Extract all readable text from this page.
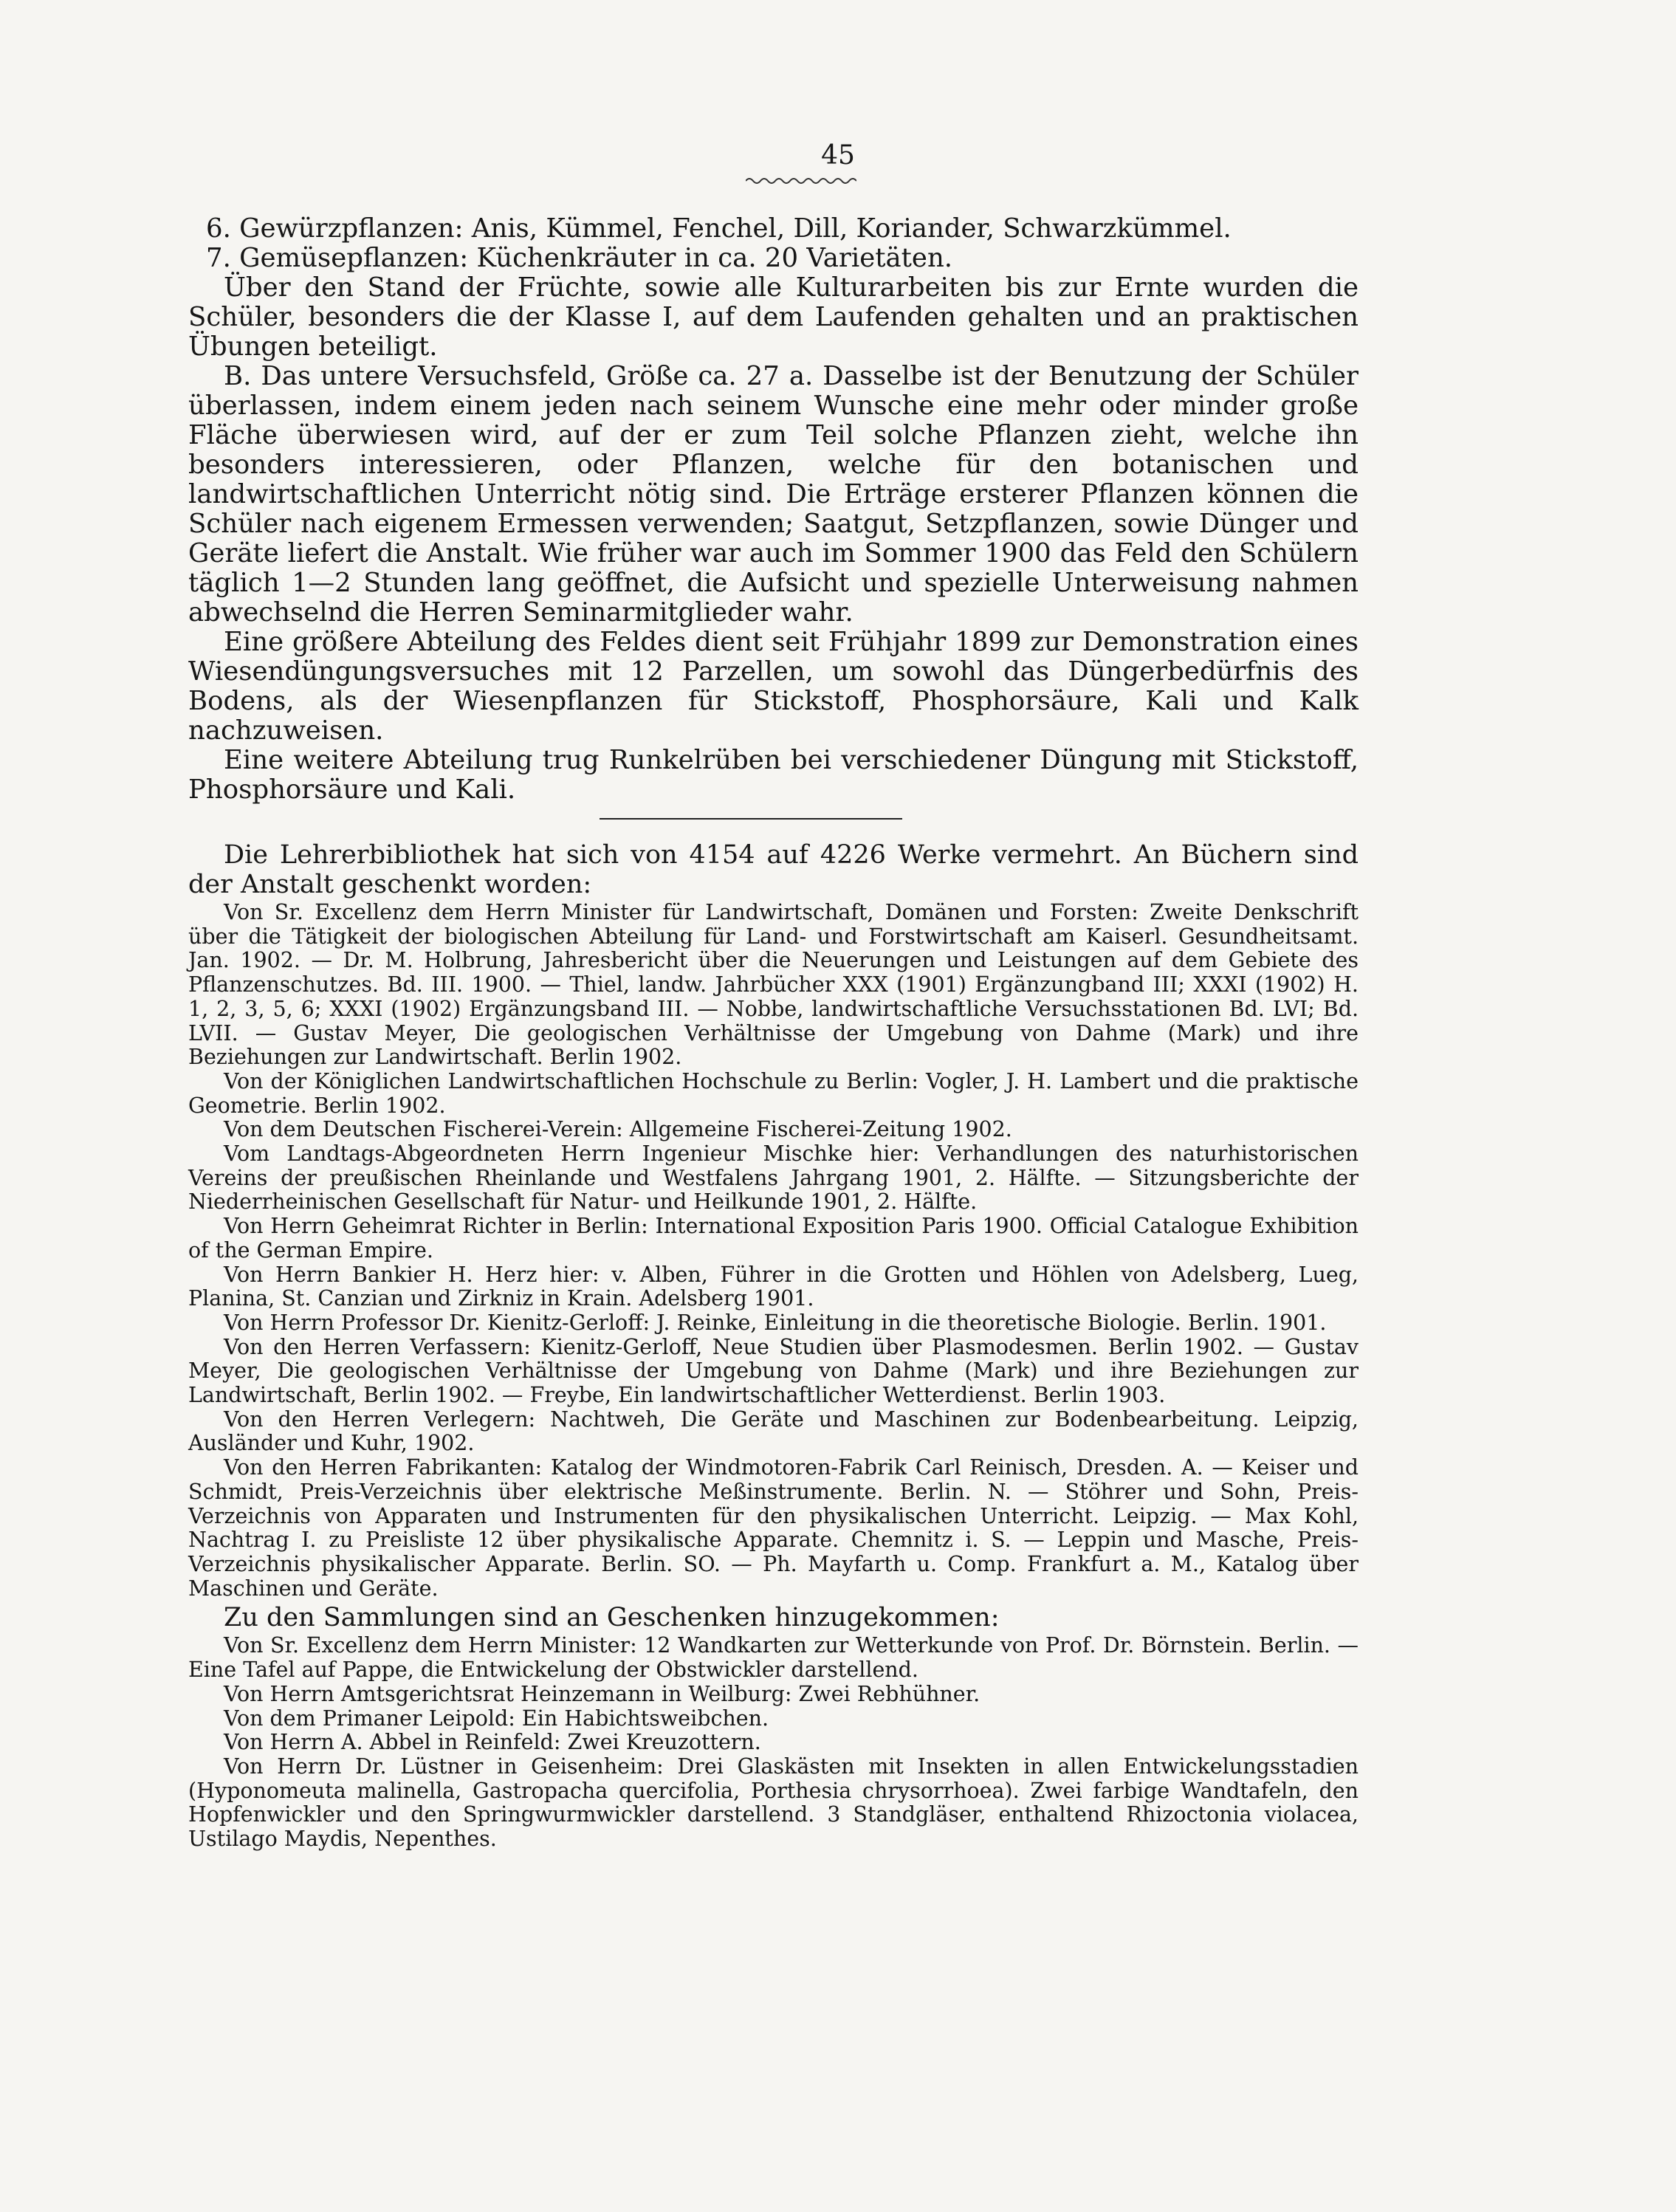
45

6. Gewürzpflanzen: Anis, Kümmel, Fenchel, Dill, Koriander, Schwarzkümmel.

7. Gemüsepflanzen: Küchenkräuter in ca. 20 Varietäten.

Über den Stand der Früchte, sowie alle Kulturarbeiten bis zur Ernte wurden die Schüler, besonders die der Klasse I, auf dem Laufenden gehalten und an praktischen Übungen beteiligt.

B. Das untere Versuchsfeld, Größe ca. 27 a. Dasselbe ist der Benutzung der Schüler überlassen, indem einem jeden nach seinem Wunsche eine mehr oder minder große Fläche überwiesen wird, auf der er zum Teil solche Pflanzen zieht, welche ihn besonders interessieren, oder Pflanzen, welche für den botanischen und landwirtschaftlichen Unterricht nötig sind. Die Erträge ersterer Pflanzen können die Schüler nach eigenem Ermessen verwenden; Saatgut, Setzpflanzen, sowie Dünger und Geräte liefert die Anstalt. Wie früher war auch im Sommer 1900 das Feld den Schülern täglich 1—2 Stunden lang geöffnet, die Aufsicht und spezielle Unterweisung nahmen abwechselnd die Herren Seminarmitglieder wahr.

Eine größere Abteilung des Feldes dient seit Frühjahr 1899 zur Demonstration eines Wiesendüngungsversuches mit 12 Parzellen, um sowohl das Düngerbedürfnis des Bodens, als der Wiesenpflanzen für Stickstoff, Phosphorsäure, Kali und Kalk nachzuweisen.

Eine weitere Abteilung trug Runkelrüben bei verschiedener Düngung mit Stickstoff, Phosphorsäure und Kali.

Die Lehrerbibliothek hat sich von 4154 auf 4226 Werke vermehrt. An Büchern sind der Anstalt geschenkt worden:

Von Sr. Excellenz dem Herrn Minister für Landwirtschaft, Domänen und Forsten: Zweite Denkschrift über die Tätigkeit der biologischen Abteilung für Land- und Forstwirtschaft am Kaiserl. Gesundheitsamt. Jan. 1902. — Dr. M. Holbrung, Jahresbericht über die Neuerungen und Leistungen auf dem Gebiete des Pflanzenschutzes. Bd. III. 1900. — Thiel, landw. Jahrbücher XXX (1901) Ergänzungband III; XXXI (1902) H. 1, 2, 3, 5, 6; XXXI (1902) Ergänzungsband III. — Nobbe, landwirtschaftliche Versuchsstationen Bd. LVI; Bd. LVII. — Gustav Meyer, Die geologischen Verhältnisse der Umgebung von Dahme (Mark) und ihre Beziehungen zur Landwirtschaft. Berlin 1902.

Von der Königlichen Landwirtschaftlichen Hochschule zu Berlin: Vogler, J. H. Lambert und die praktische Geometrie. Berlin 1902.

Von dem Deutschen Fischerei-Verein: Allgemeine Fischerei-Zeitung 1902.

Vom Landtags-Abgeordneten Herrn Ingenieur Mischke hier: Verhandlungen des naturhistorischen Vereins der preußischen Rheinlande und Westfalens Jahrgang 1901, 2. Hälfte. — Sitzungsberichte der Niederrheinischen Gesellschaft für Natur- und Heilkunde 1901, 2. Hälfte.

Von Herrn Geheimrat Richter in Berlin: International Exposition Paris 1900. Official Catalogue Exhibition of the German Empire.

Von Herrn Bankier H. Herz hier: v. Alben, Führer in die Grotten und Höhlen von Adelsberg, Lueg, Planina, St. Canzian und Zirkniz in Krain. Adelsberg 1901.

Von Herrn Professor Dr. Kienitz-Gerloff: J. Reinke, Einleitung in die theoretische Biologie. Berlin. 1901.

Von den Herren Verfassern: Kienitz-Gerloff, Neue Studien über Plasmodesmen. Berlin 1902. — Gustav Meyer, Die geologischen Verhältnisse der Umgebung von Dahme (Mark) und ihre Beziehungen zur Landwirtschaft, Berlin 1902. — Freybe, Ein landwirtschaftlicher Wetterdienst. Berlin 1903.

Von den Herren Verlegern: Nachtweh, Die Geräte und Maschinen zur Bodenbearbeitung. Leipzig, Ausländer und Kuhr, 1902.

Von den Herren Fabrikanten: Katalog der Windmotoren-Fabrik Carl Reinisch, Dresden. A. — Keiser und Schmidt, Preis-Verzeichnis über elektrische Meßinstrumente. Berlin. N. — Stöhrer und Sohn, Preis-Verzeichnis von Apparaten und Instrumenten für den physikalischen Unterricht. Leipzig. — Max Kohl, Nachtrag I. zu Preisliste 12 über physikalische Apparate. Chemnitz i. S. — Leppin und Masche, Preis-Verzeichnis physikalischer Apparate. Berlin. SO. — Ph. Mayfarth u. Comp. Frankfurt a. M., Katalog über Maschinen und Geräte.

Zu den Sammlungen sind an Geschenken hinzugekommen:

Von Sr. Excellenz dem Herrn Minister: 12 Wandkarten zur Wetterkunde von Prof. Dr. Börnstein. Berlin. — Eine Tafel auf Pappe, die Entwickelung der Obstwickler darstellend.

Von Herrn Amtsgerichtsrat Heinzemann in Weilburg: Zwei Rebhühner.

Von dem Primaner Leipold: Ein Habichtsweibchen.

Von Herrn A. Abbel in Reinfeld: Zwei Kreuzottern.

Von Herrn Dr. Lüstner in Geisenheim: Drei Glaskästen mit Insekten in allen Entwickelungsstadien (Hyponomeuta malinella, Gastropacha quercifolia, Porthesia chrysorrhoea). Zwei farbige Wandtafeln, den Hopfenwickler und den Springwurmwickler darstellend. 3 Standgläser, enthaltend Rhizoctonia violacea, Ustilago Maydis, Nepenthes.
